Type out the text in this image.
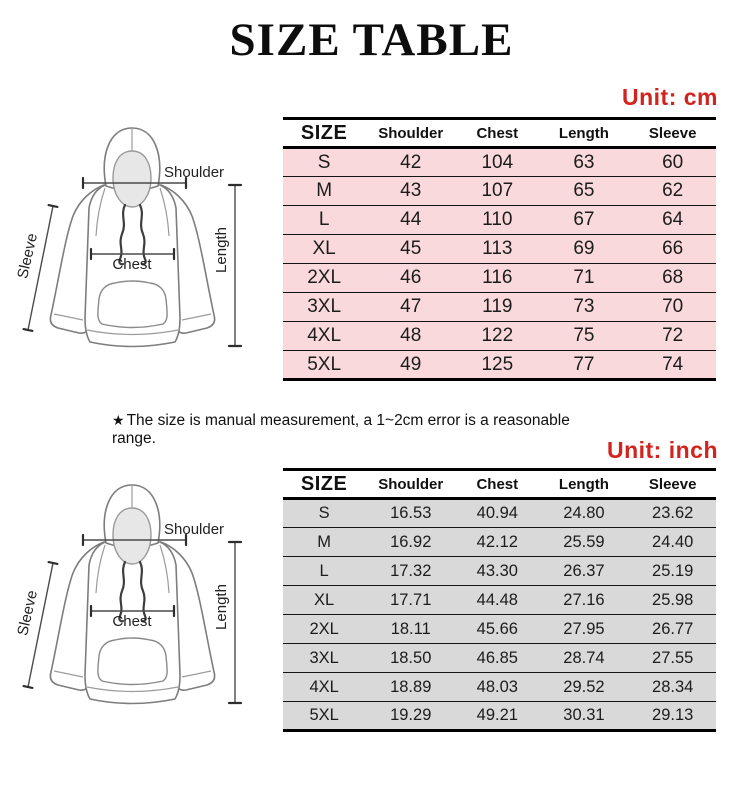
SIZE TABLE
Unit: cm
SIZE	Shoulder	Chest	Length	Sleeve
S	42	104	63	60
M	43	107	65	62
L	44	110	67	64
XL	45	113	69	66
2XL	46	116	71	68
3XL	47	119	73	70
4XL	48	122	75	72
5XL	49	125	77	74
★ The size is manual measurement, a 1~2cm error is a reasonable range.	Unit: inch
SIZE	Shoulder	Chest	Length	Sleeve
S	16.53	40.94	24.80	23.62
M	16.92	42.12	25.59	24.40
L	17.32	43.30	26.37	25.19
XL	17.71	44.48	27.16	25.98
2XL	18.11	45.66	27.95	26.77
3XL	18.50	46.85	28.74	27.55
4XL	18.89	48.03	29.52	28.34
5XL	19.29	49.21	30.31	29.13
